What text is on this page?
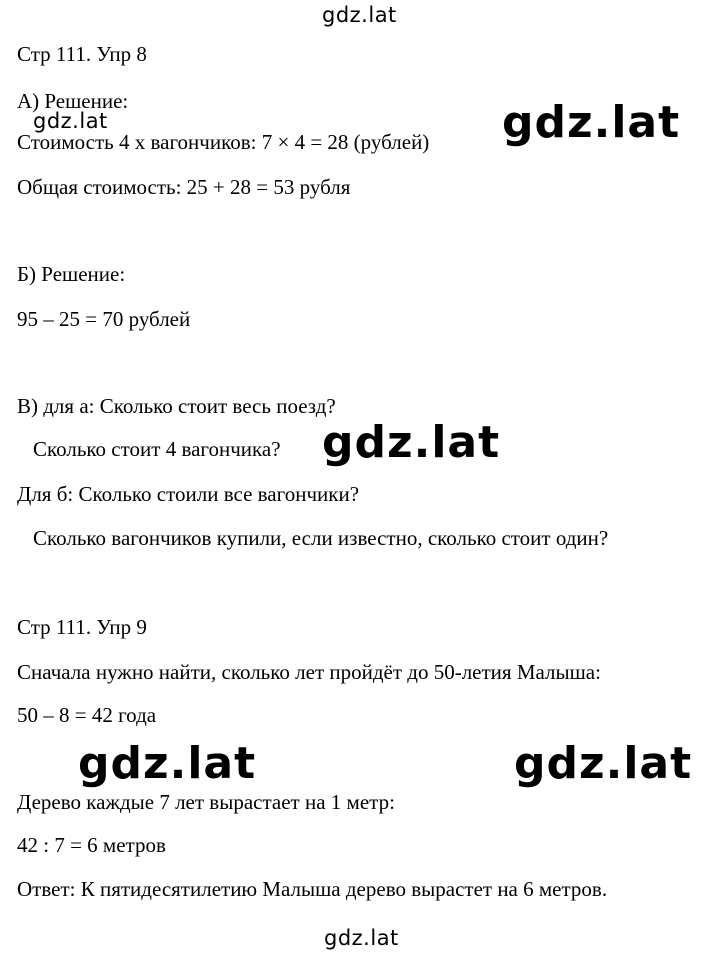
Стр 111. Упр 8
А) Решение:
Стоимость 4 х вагончиков: 7 × 4 = 28 (рублей)
Общая стоимость: 25 + 28 = 53 рубля
Б) Решение:
95 – 25 = 70 рублей
В) для а: Сколько стоит весь поезд?
Сколько стоит 4 вагончика?
Для б: Сколько стоили все вагончики?
Сколько вагончиков купили, если известно, сколько стоит один?
Стр 111. Упр 9
Сначала нужно найти, сколько лет пройдёт до 50-летия Малыша:
50 – 8 = 42 года
Дерево каждые 7 лет вырастает на 1 метр:
42 : 7 = 6 метров
Ответ: К пятидесятилетию Малыша дерево вырастет на 6 метров.
gdz.lat
gdz.lat	gdz.lat
gdz.lat
gdz.lat	gdz.lat
gdz.lat
